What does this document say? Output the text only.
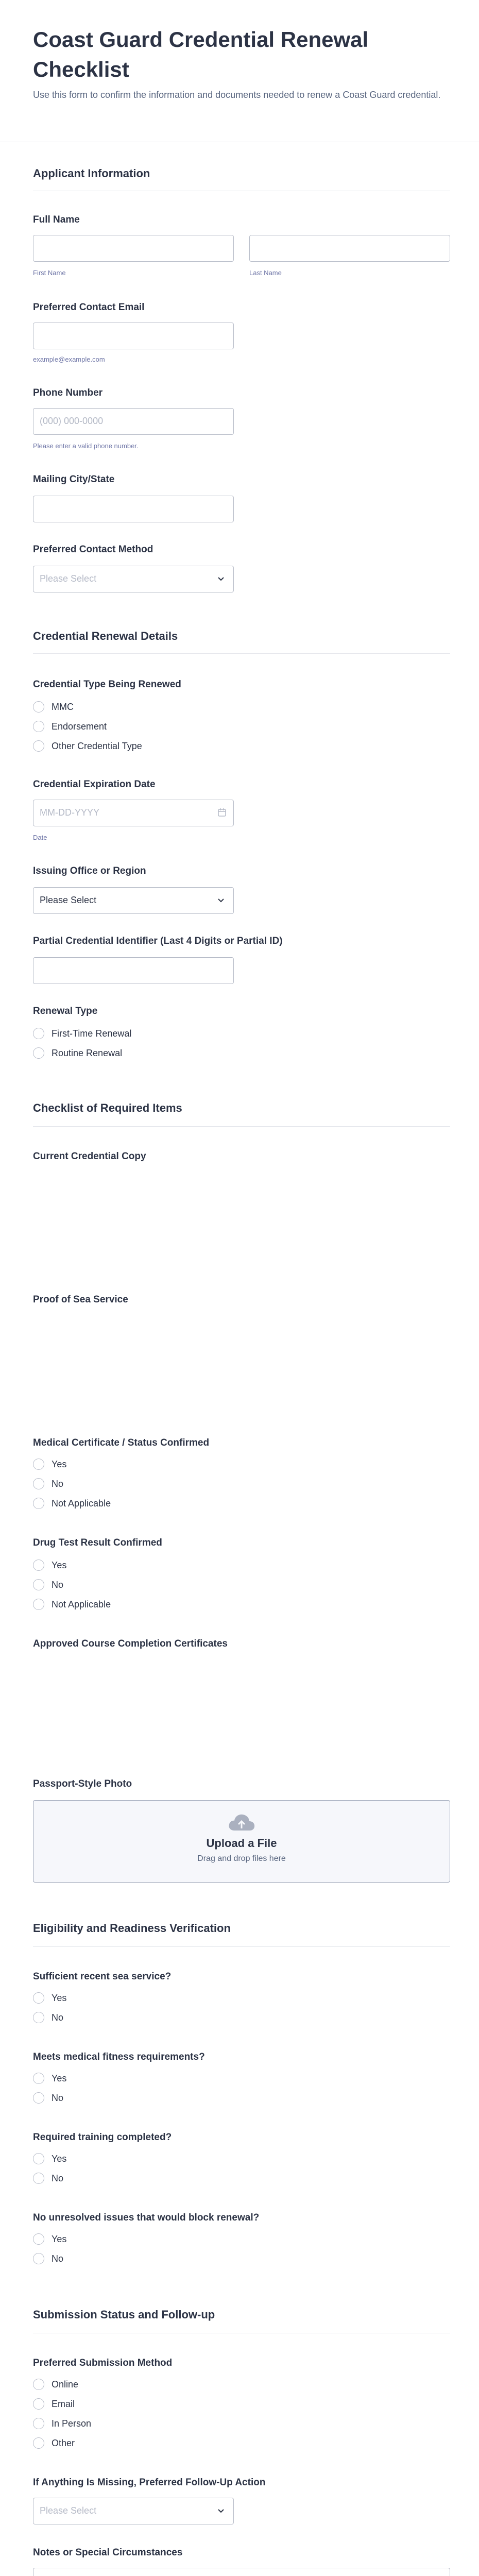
Coast Guard Credential Renewal Checklist
Use this form to confirm the information and documents needed to renew a Coast Guard credential.
Applicant Information
Full Name
First Name	Last Name
Preferred Contact Email
example@example.com
Phone Number
(000) 000-0000
Please enter a valid phone number.
Mailing City/State
Preferred Contact Method
Please Select
Credential Renewal Details
Credential Type Being Renewed
MMC
Endorsement
Other Credential Type
Credential Expiration Date
MM-DD-YYYY
Date
Issuing Office or Region
Please Select
Partial Credential Identifier (Last 4 Digits or Partial ID)
Renewal Type
First-Time Renewal
Routine Renewal
Checklist of Required Items
Current Credential Copy
Proof of Sea Service
Medical Certificate / Status Confirmed
Yes
No
Not Applicable
Drug Test Result Confirmed
Yes
No
Not Applicable
Approved Course Completion Certificates
Passport-Style Photo
Upload a File
Drag and drop files here
Eligibility and Readiness Verification
Sufficient recent sea service?
Yes
No
Meets medical fitness requirements?
Yes
No
Required training completed?
Yes
No
No unresolved issues that would block renewal?
Yes
No
Submission Status and Follow-up
Preferred Submission Method
Online
Email
In Person
Other
If Anything Is Missing, Preferred Follow-Up Action
Please Select
Notes or Special Circumstances
